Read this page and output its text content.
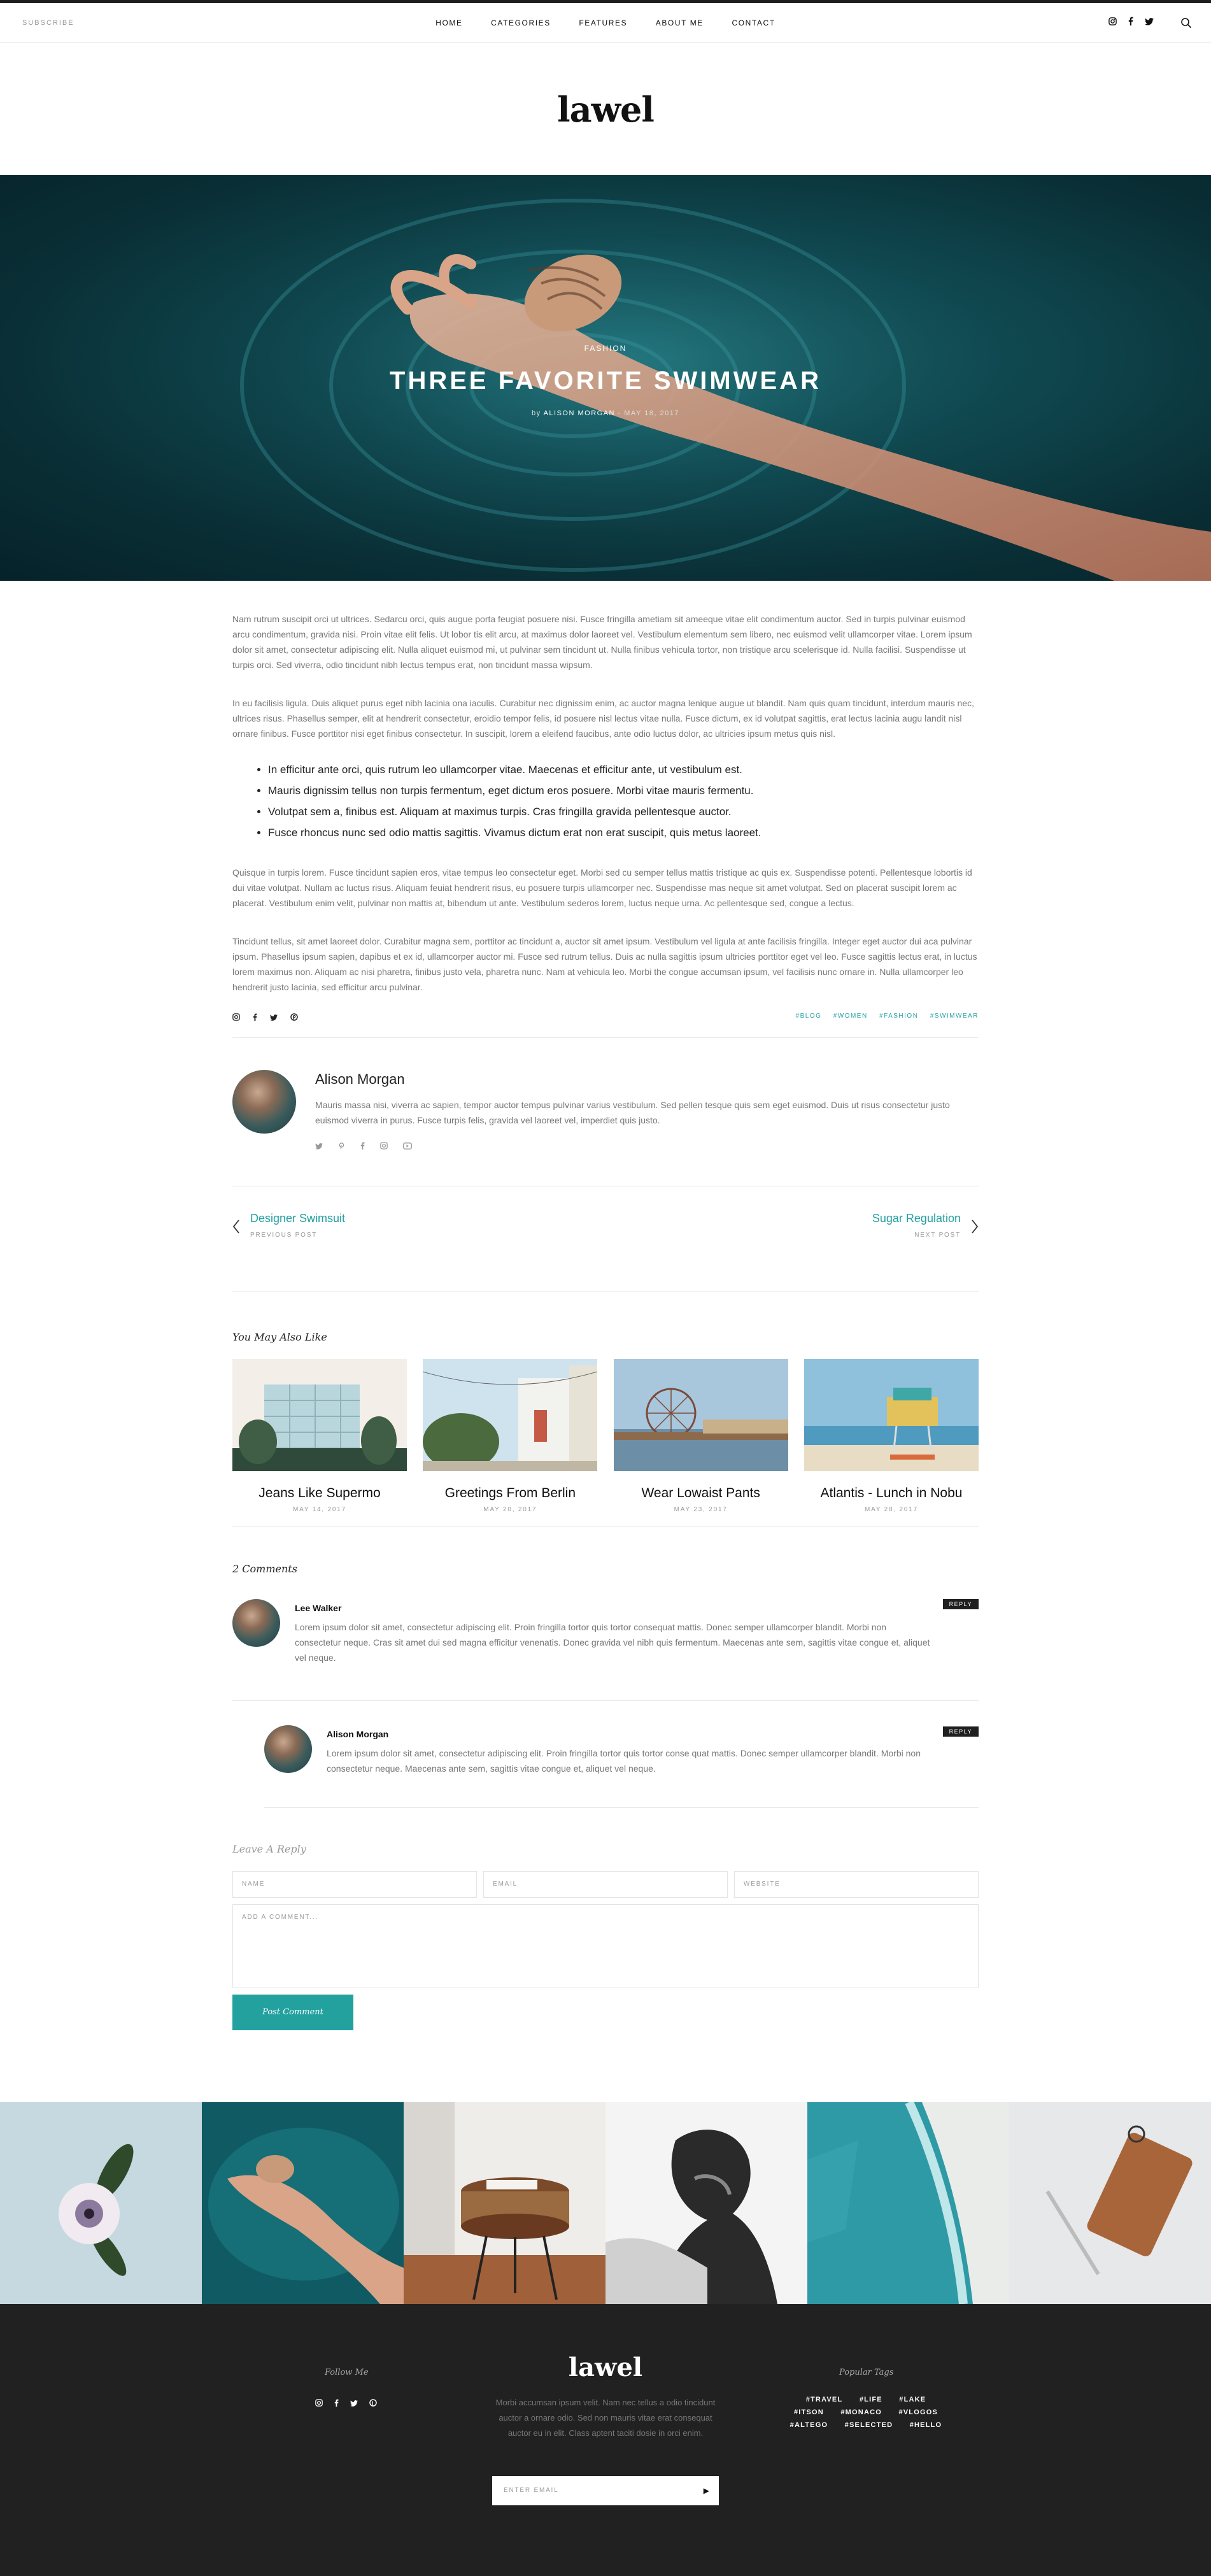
SUBSCRIBE	HOME	CATEGORIES	FEATURES	ABOUT ME	CONTACT

lawel
FASHION
THREE FAVORITE SWIMWEAR
by ALISON MORGAN - MAY 18, 2017

Nam rutrum suscipit orci ut ultrices. Sedarcu orci, quis augue porta feugiat posuere nisi. Fusce fringilla ametiam sit ameeque vitae elit condimentum auctor. Sed in turpis pulvinar euismod arcu condimentum, gravida nisi. Proin vitae elit felis. Ut lobor tis elit arcu, at maximus dolor laoreet vel. Vestibulum elementum sem libero, nec euismod velit ullamcorper vitae. Lorem ipsum dolor sit amet, consectetur adipiscing elit. Nulla aliquet euismod mi, ut pulvinar sem tincidunt ut. Nulla finibus vehicula tortor, non tristique arcu scelerisque id. Nulla facilisi. Suspendisse ut turpis orci. Sed viverra, odio tincidunt nibh lectus tempus erat, non tincidunt massa wipsum.

In eu facilisis ligula. Duis aliquet purus eget nibh lacinia ona iaculis. Curabitur nec dignissim enim, ac auctor magna lenique augue ut blandit. Nam quis quam tincidunt, interdum mauris nec, ultrices risus. Phasellus semper, elit at hendrerit consectetur, eroidio tempor felis, id posuere nisl lectus vitae nulla. Fusce dictum, ex id volutpat sagittis, erat lectus lacinia augu landit nisl ornare finibus. Fusce porttitor nisi eget finibus consectetur. In suscipit, lorem a eleifend faucibus, ante odio luctus dolor, ac ultricies ipsum metus quis nisl.

• In efficitur ante orci, quis rutrum leo ullamcorper vitae. Maecenas et efficitur ante, ut vestibulum est.
• Mauris dignissim tellus non turpis fermentum, eget dictum eros posuere. Morbi vitae mauris fermentu.
• Volutpat sem a, finibus est. Aliquam at maximus turpis. Cras fringilla gravida pellentesque auctor.
• Fusce rhoncus nunc sed odio mattis sagittis. Vivamus dictum erat non erat suscipit, quis metus laoreet.

Quisque in turpis lorem. Fusce tincidunt sapien eros, vitae tempus leo consectetur eget. Morbi sed cu semper tellus mattis tristique ac quis ex. Suspendisse potenti. Pellentesque lobortis id dui vitae volutpat. Nullam ac luctus risus. Aliquam feuiat hendrerit risus, eu posuere turpis ullamcorper nec. Suspendisse mas neque sit amet volutpat. Sed on placerat suscipit lorem ac placerat. Vestibulum enim velit, pulvinar non mattis at, bibendum ut ante. Vestibulum sederos lorem, luctus neque urna. Ac pellentesque sed, congue a lectus.

Tincidunt tellus, sit amet laoreet dolor. Curabitur magna sem, porttitor ac tincidunt a, auctor sit amet ipsum. Vestibulum vel ligula at ante facilisis fringilla. Integer eget auctor dui aca pulvinar ipsum. Phasellus ipsum sapien, dapibus et ex id, ullamcorper auctor mi. Fusce sed rutrum tellus. Duis ac nulla sagittis ipsum ultricies porttitor eget vel leo. Fusce sagittis lectus erat, in luctus lorem maximus non. Aliquam ac nisi pharetra, finibus justo vela, pharetra nunc. Nam at vehicula leo. Morbi the congue accumsan ipsum, vel facilisis nunc ornare in. Nulla ullamcorper leo hendrerit justo lacinia, sed efficitur arcu pulvinar.

#BLOG #WOMEN #FASHION #SWIMWEAR
Alison Morgan
Mauris massa nisi, viverra ac sapien, tempor auctor tempus pulvinar varius vestibulum. Sed pellen tesque quis sem eget euismod. Duis ut risus consectetur justo euismod viverra in purus. Fusce turpis felis, gravida vel laoreet vel, imperdiet quis justo.

Designer Swimsuit
PREVIOUS POST
Sugar Regulation
NEXT POST
You May Also Like
Jeans Like Supermo
MAY 14, 2017
Greetings From Berlin
MAY 20, 2017
Wear Lowaist Pants
MAY 23, 2017
Atlantis - Lunch in Nobu
MAY 28, 2017
2 Comments
Lee Walker	REPLY
Lorem ipsum dolor sit amet, consectetur adipiscing elit. Proin fringilla tortor quis tortor consequat mattis. Donec semper ullamcorper blandit. Morbi non consectetur neque. Cras sit amet dui sed magna efficitur venenatis. Donec gravida vel nibh quis fermentum. Maecenas ante sem, sagittis vitae congue et, aliquet vel neque.
Alison Morgan	REPLY
Lorem ipsum dolor sit amet, consectetur adipiscing elit. Proin fringilla tortor quis tortor conse quat mattis. Donec semper ullamcorper blandit. Morbi non consectetur neque. Maecenas ante sem, sagittis vitae congue et, aliquet vel neque.
Leave A Reply
NAME	EMAIL	WEBSITE
ADD A COMMENT...
Post Comment
Follow Me
	lawel
Morbi accumsan ipsum velit. Nam nec tellus a odio tincidunt auctor a ornare odio. Sed non mauris vitae erat consequat auctor eu in elit. Class aptent taciti dosie in orci enim.
Popular Tags
#TRAVEL #LIFE #LAKE #ITSON #MONACO #VLOGOS #ALTEGO #SELECTED #HELLO
ENTER EMAIL	▶
